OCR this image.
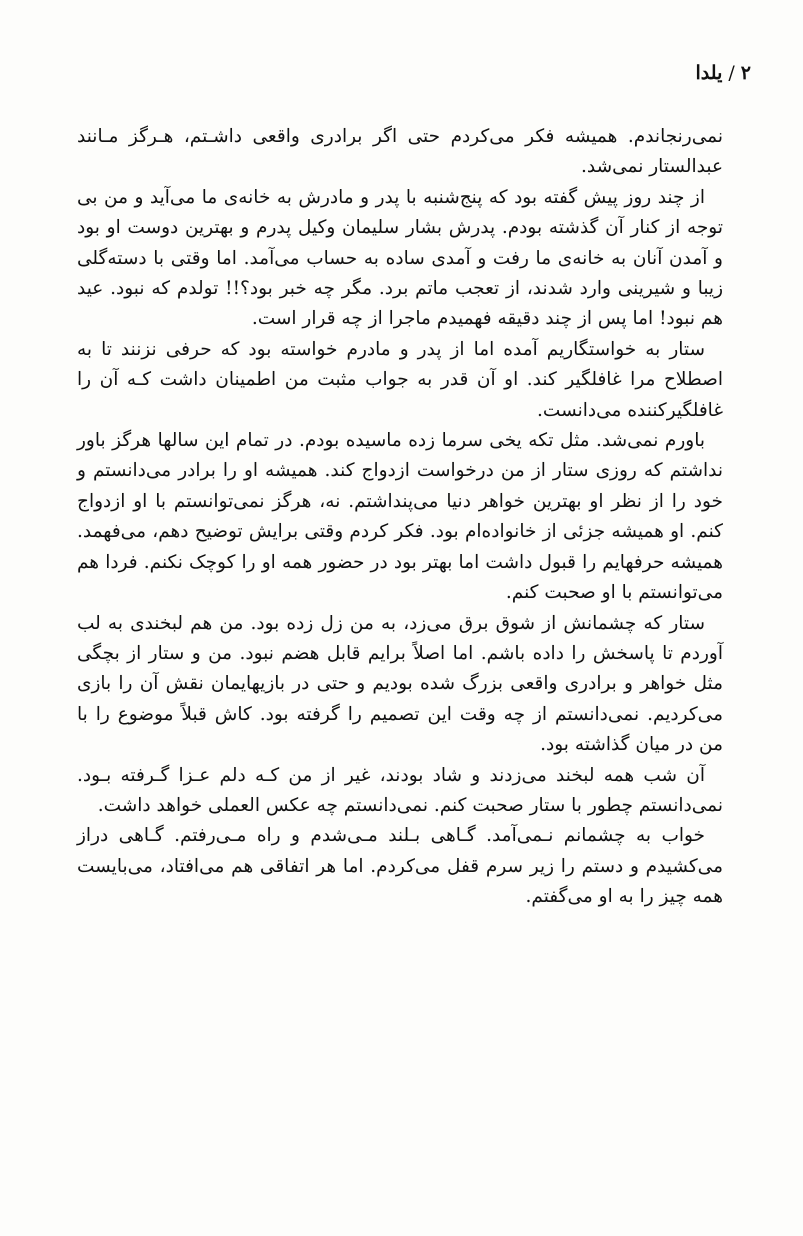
۲/یلدا

نمی‌رنجاندم. همیشه فکر می‌کردم حتی اگر برادری واقعی داشـتم، هـرگز مـانند عبدالستار نمی‌شد.

از چند روز پیش گفته بود که پنج‌شنبه با پدر و مادرش به خانه‌ی ما می‌آید و من بی توجه از کنار آن گذشته بودم. پدرش بشار سلیمان وکیل پدرم و بهترین دوست او بود و آمدن آنان به خانه‌ی ما رفت و آمدی ساده به حساب می‌آمد. اما وقتی با دسته‌گلی زیبا و شیرینی وارد شدند، از تعجب ماتم برد. مگر چه خبر بود؟!! تولدم که نبود. عید هم نبود! اما پس از چند دقیقه فهمیدم ماجرا از چه قرار است.

ستار به خواستگاریم آمده اما از پدر و مادرم خواسته بود که حرفی نزنند تا به اصطلاح مرا غافلگیر کند. او آن قدر به جواب مثبت من اطمینان داشت کـه آن را غافلگیرکننده می‌دانست.

باورم نمی‌شد. مثل تکه یخی سرما زده ماسیده بودم. در تمام این سالها هرگز باور نداشتم که روزی ستار از من درخواست ازدواج کند. همیشه او را برادر می‌دانستم و خود را از نظر او بهترین خواهر دنیا می‌پنداشتم. نه، هرگز نمی‌توانستم با او ازدواج کنم. او همیشه جزئی از خانواده‌ام بود. فکر کردم وقتی برایش توضیح دهم، می‌فهمد. همیشه حرفهایم را قبول داشت اما بهتر بود در حضور همه او را کوچک نکنم. فردا هم می‌توانستم با او صحبت کنم.

ستار که چشمانش از شوق برق می‌زد، به من زل زده بود. من هم لبخندی به لب آوردم تا پاسخش را داده باشم. اما اصلاً برایم قابل هضم نبود. من و ستار از بچگی مثل خواهر و برادری واقعی بزرگ شده بودیم و حتی در بازیهایمان نقش آن را بازی می‌کردیم. نمی‌دانستم از چه وقت این تصمیم را گرفته بود. کاش قبلاً موضوع را با من در میان گذاشته بود.

آن شب همه لبخند می‌زدند و شاد بودند، غیر از من کـه دلم عـزا گـرفته بـود. نمی‌دانستم چطور با ستار صحبت کنم. نمی‌دانستم چه عکس العملی خواهد داشت.

خواب به چشمانم نـمی‌آمد. گـاهی بـلند مـی‌شدم و راه مـی‌رفتم. گـاهی دراز می‌کشیدم و دستم را زیر سرم قفل می‌کردم. اما هر اتفاقی هم می‌افتاد، می‌بایست همه چیز را به او می‌گفتم.
